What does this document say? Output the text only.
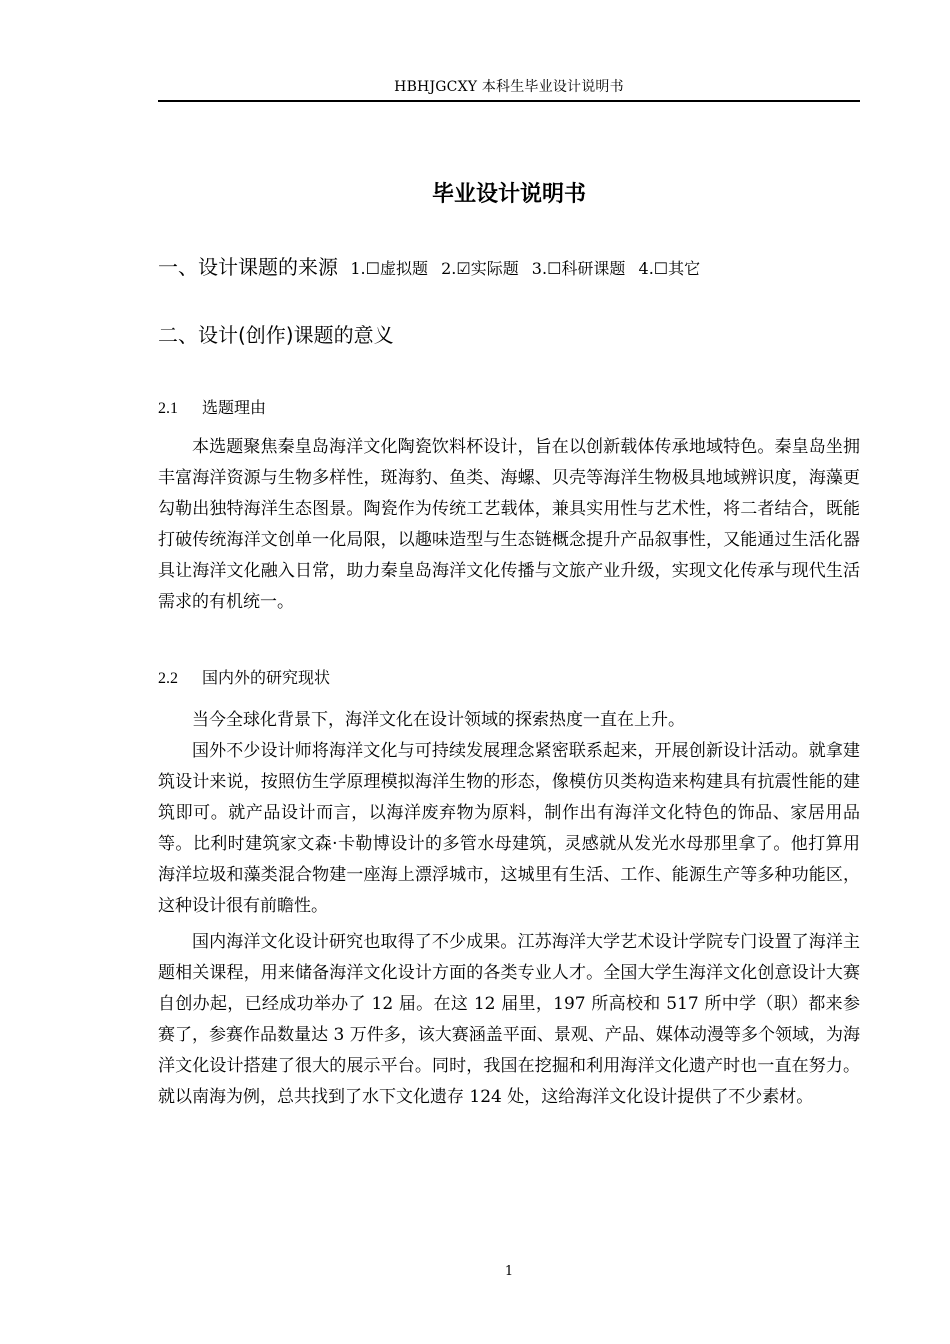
HBHJGCXY 本科生毕业设计说明书
毕业设计说明书
一、设计课题的来源 1.☐虚拟题 2.☑实际题 3.☐科研课题 4.☐其它
二、设计(创作)课题的意义
2.1 选题理由

本选题聚焦秦皇岛海洋文化陶瓷饮料杯设计，旨在以创新载体传承地域特色。秦皇岛坐拥丰富海洋资源与生物多样性，斑海豹、鱼类、海螺、贝壳等海洋生物极具地域辨识度，海藻更勾勒出独特海洋生态图景。陶瓷作为传统工艺载体，兼具实用性与艺术性，将二者结合，既能打破传统海洋文创单一化局限，以趣味造型与生态链概念提升产品叙事性，又能通过生活化器具让海洋文化融入日常，助力秦皇岛海洋文化传播与文旅产业升级，实现文化传承与现代生活需求的有机统一。

2.2 国内外的研究现状

当今全球化背景下，海洋文化在设计领域的探索热度一直在上升。

国外不少设计师将海洋文化与可持续发展理念紧密联系起来，开展创新设计活动。就拿建筑设计来说，按照仿生学原理模拟海洋生物的形态，像模仿贝类构造来构建具有抗震性能的建筑即可。就产品设计而言，以海洋废弃物为原料，制作出有海洋文化特色的饰品、家居用品等。比利时建筑家文森·卡勒博设计的多管水母建筑，灵感就从发光水母那里拿了。他打算用海洋垃圾和藻类混合物建一座海上漂浮城市，这城里有生活、工作、能源生产等多种功能区，这种设计很有前瞻性。

国内海洋文化设计研究也取得了不少成果。江苏海洋大学艺术设计学院专门设置了海洋主题相关课程，用来储备海洋文化设计方面的各类专业人才。全国大学生海洋文化创意设计大赛自创办起，已经成功举办了 12 届。在这 12 届里，197 所高校和 517 所中学（职）都来参赛了，参赛作品数量达 3 万件多，该大赛涵盖平面、景观、产品、媒体动漫等多个领域，为海洋文化设计搭建了很大的展示平台。同时，我国在挖掘和利用海洋文化遗产时也一直在努力。就以南海为例，总共找到了水下文化遗存 124 处，这给海洋文化设计提供了不少素材。

1
